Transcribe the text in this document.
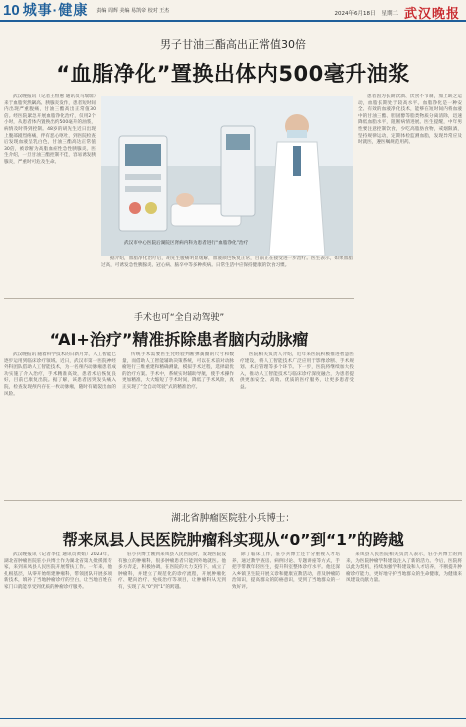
10 城事·健康 责编 周辉 美编 易凯帝 校对 王杰	2024年6月18日 星期二 武汉晚报
男子甘油三酯高出正常值30倍
“血脂净化”置换出体内500毫升油浆

武汉晚报讯（记者王恒惠 通讯员马瑞瑞）来于血脂突然飙高、胰腺炎发作，患者短时间内出现严重腹痛，甘油三酯高出正常值30倍。经医院紧急开展血脂净化治疗，仅用2个小时，从患者体内置换出约500毫升的油浆，病情及时得到控制。48岁的胡先生近日出现上腹部剧烈疼痛，伴有恶心呕吐，到医院检查后发现血液呈乳白色，甘油三酯高达正常值30倍，被诊断为高脂血症性急性胰腺炎。医生介绍，一旦甘油三酯控制不佳，容易诱发胰腺炎，严重时可危及生命。

武汉市中心医院后湖院区肾病内科为患者进行“血脂净化”治疗

患者因为长期饮酒、饮食不节制，加上缺乏运动，血脂长期处于较高水平。血脂净化是一种安全、有效的血液净化技术，能够在短时间内将血液中的甘油三酯、胆固醇等脂类物质分离清除，迅速降低血脂水平，阻断病情进展。医生提醒，中年男性要注意控制饮食，少吃高脂肪食物，戒烟限酒，坚持规律运动，定期体检监测血脂，发现异常应及时就医，遵医嘱规范用药。

据介绍，血脂净化治疗后，胡先生腹痛明显缓解，血液颜色恢复正常，目前正在接受进一步治疗。医生表示，如果血脂过高，可诱发急性胰腺炎、冠心病、脑卒中等多种疾病。日常生活中应保持健康的饮食习惯。

手术也可“全自动驾驶”
“AI+治疗”精准拆除患者脑内动脉瘤

武汉晚报讯 随着科学技术的日新月异，人工智能已逐步运用到临床诊疗领域。近日，武汉市第一医院神经外科团队借助人工智能技术，为一名颅内动脉瘤患者成功实施了介入治疗，手术精准高效，患者术后恢复良好，目前已康复出院。据了解，该患者因突发头痛入院，检查发现颅内存在一枚动脉瘤，随时有破裂出血的风险。

传统手术需要医生凭经验判断弹簧圈的尺寸和数量，而借助人工智能辅助决策系统，可以在术前对动脉瘤进行三维重建和精确测量，模拟手术过程，选择最优的治疗方案。手术中，系统实时辅助导航，使手术操作更加精准，大大缩短了手术时间，降低了手术风险，真正实现了“全自动驾驶”式的精准治疗。

医院相关负责人介绍，近年来医院积极推进智慧医疗建设，将人工智能技术广泛应用于影像诊断、手术规划、术后管理等多个环节。下一步，医院将继续加大投入，推动人工智能技术与临床诊疗深度融合，为患者提供更加安全、高效、优质的医疗服务，让更多患者受益。

湖北省肿瘤医院驻小兵博士：
帮来凤县人民医院肿瘤科实现从“0”到“1”的跨越

武汉晚报讯（记者李佳 通讯员黄娟）2023年，湖北省肿瘤医院驻小兵博士作为湖北省第九批援派专家，来到来凤县人民医院开展帮扶工作。一年来，他扎根基层，从零开始组建肿瘤科，带领团队开展多项新技术，填补了当地肿瘤诊疗的空白，让当地百姓在家门口就能享受到优质的肿瘤诊疗服务。

驻小兵博士刚到来凤县人民医院时，发现医院没有独立的肿瘤科，很多肿瘤患者只能到外地就医。他多方奔走，积极协调，在医院的大力支持下，成立了肿瘤科，并建立了规范化的诊疗流程，开展肿瘤化疗、靶向治疗、免疫治疗等项目，让肿瘤科从无到有，实现了从“0”到“1”的跨越。

除了临床工作，驻小兵博士还十分重视人才培养，通过教学查房、病例讨论、专题讲座等方式，手把手带教年轻医生，提升科室整体诊疗水平。他还深入乡镇卫生院开展义诊和健康宣教活动，普及肿瘤防治知识，提高群众的防癌意识，受到了当地群众的一致好评。

来凤县人民医院相关负责人表示，驻小兵博士的到来，为医院肿瘤学科建设注入了新的活力。今后，医院将以此为契机，持续加强学科建设和人才培养，不断提升肿瘤诊疗能力，更好地守护当地群众的生命健康，为健康来凤建设贡献力量。
